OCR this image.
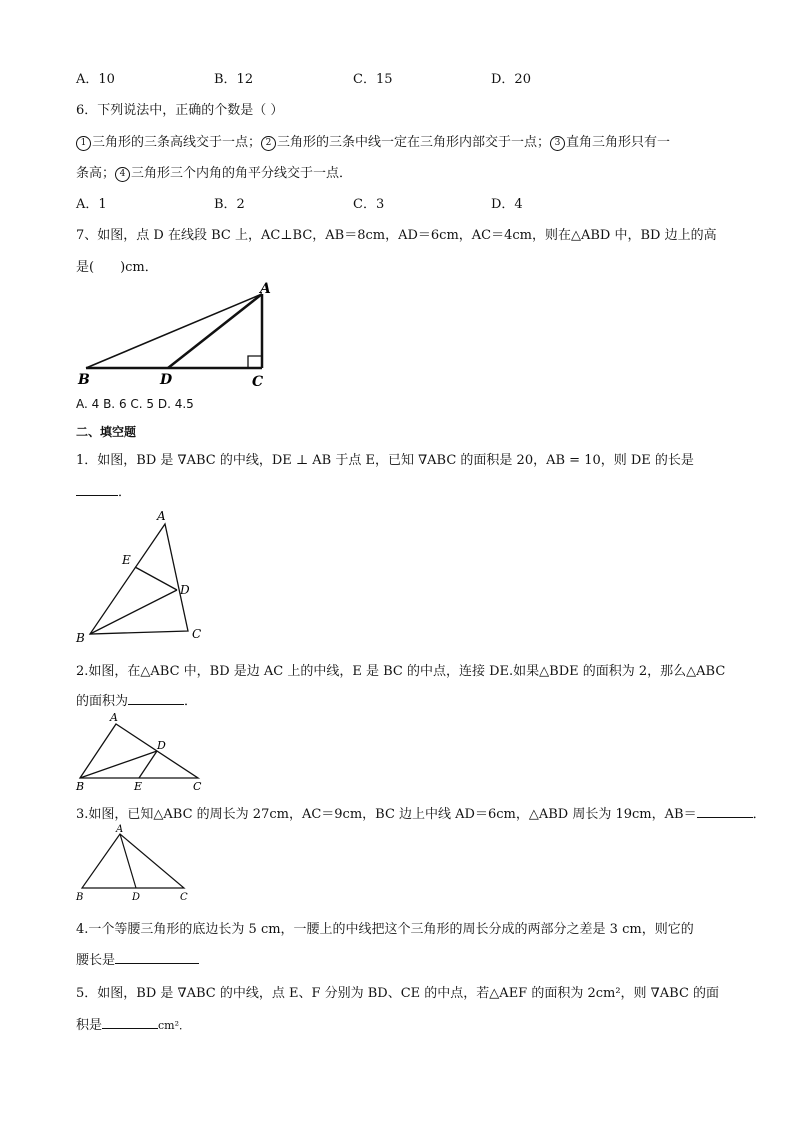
A．10	B．12	C．15	D．20
6．下列说法中，正确的个数是（ ）
1 三角形的三条高线交于一点； 2 三角形的三条中线一定在三角形内部交于一点； 3 直角三角形只有一
条高； 4 三角形三个内角的角平分线交于一点．
A．1	B．2	C．3	D．4
7、如图，点 D 在线段 BC 上，AC⊥BC，AB＝8cm，AD＝6cm，AC＝4cm，则在△ABD 中，BD 边上的高
是( )cm．
A
B	D	C
A. 4 B. 6 C. 5 D. 4.5
二、填空题
1．如图，BD 是 ∇ABC 的中线，DE ⊥ AB 于点 E，已知 ∇ABC 的面积是 20，AB = 10，则 DE 的长是
．
A
E
D
B	C
2.如图，在△ABC 中，BD 是边 AC 上的中线，E 是 BC 的中点，连接 DE.如果△BDE 的面积为 2，那么△ABC
的面积为	．
A
D
B	E	C
3.如图，已知△ABC 的周长为 27cm，AC＝9cm，BC 边上中线 AD＝6cm，△ABD 周长为 19cm，AB＝	．
A
B	D	C
4.一个等腰三角形的底边长为 5 cm，一腰上的中线把这个三角形的周长分成的两部分之差是 3 cm，则它的
腰长是
5．如图，BD 是 ∇ABC 的中线，点 E、F 分别为 BD、CE 的中点，若△AEF 的面积为 2cm²，则 ∇ABC 的面
积是	cm²．
